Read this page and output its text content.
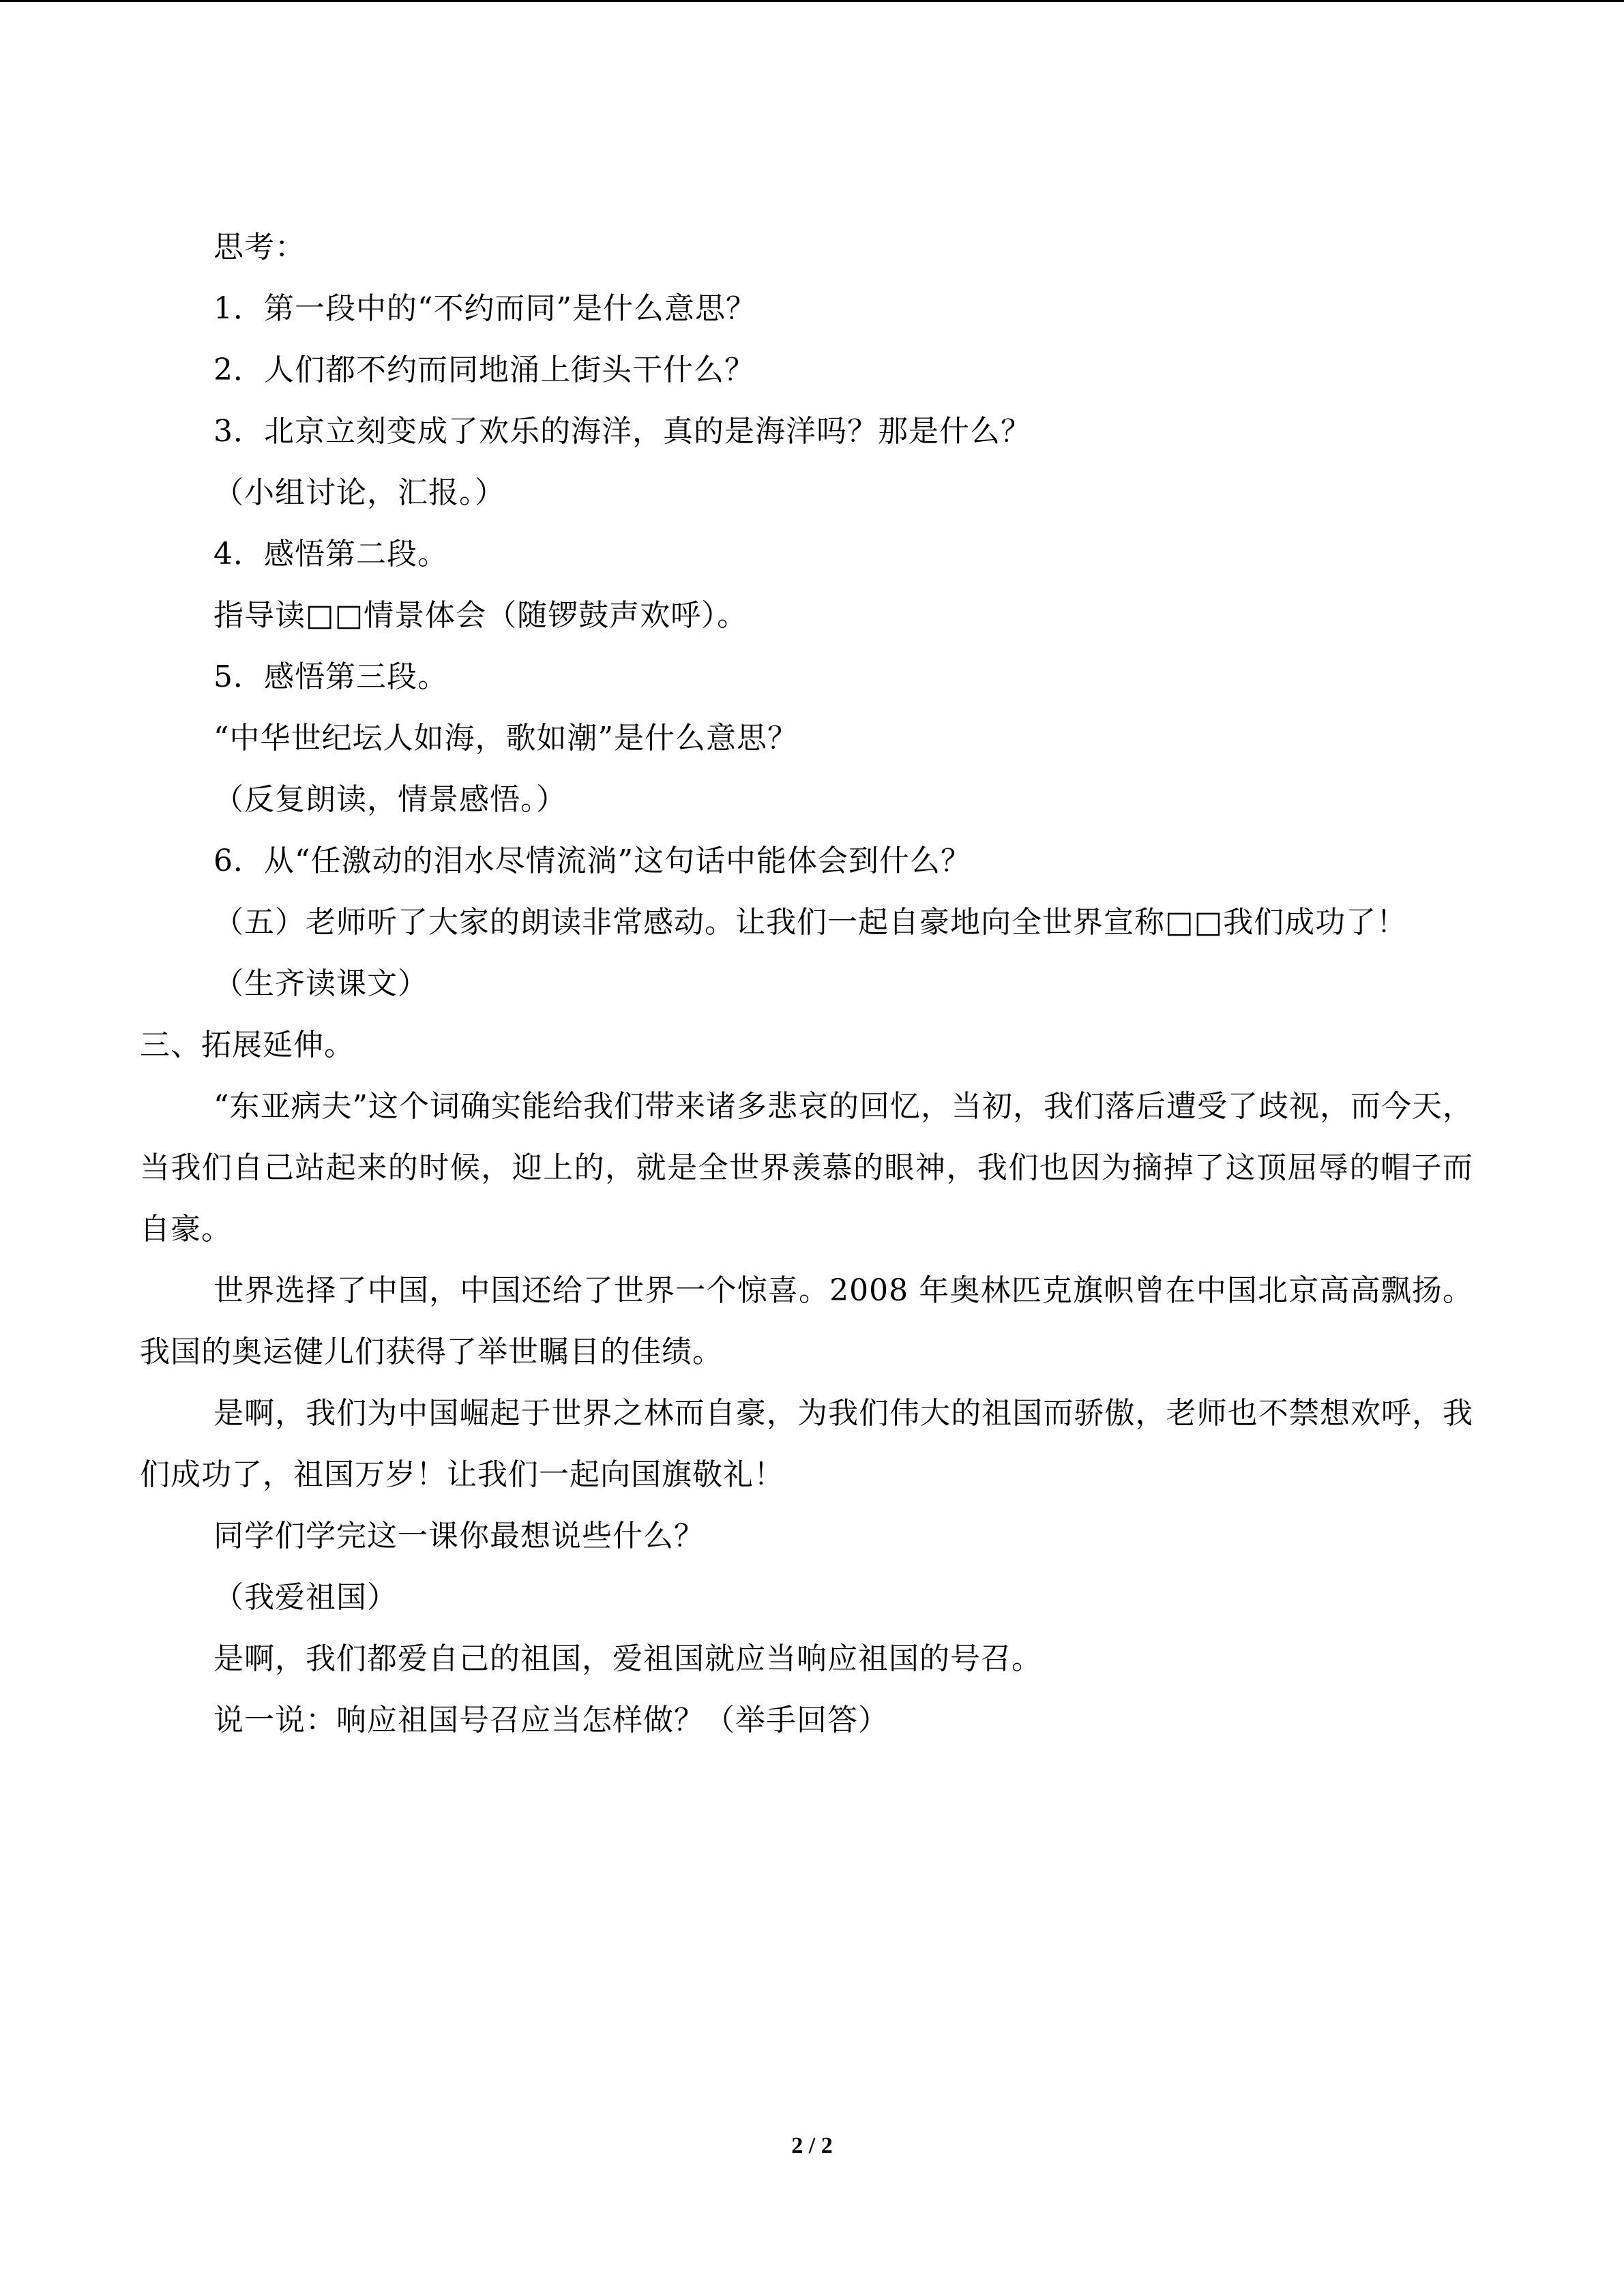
思考：
1．第一段中的“不约而同”是什么意思？
2．人们都不约而同地涌上街头干什么？
3．北京立刻变成了欢乐的海洋，真的是海洋吗？那是什么？
（小组讨论，汇报。）
4．感悟第二段。
指导读□□情景体会（随锣鼓声欢呼）。
5．感悟第三段。
“中华世纪坛人如海，歌如潮”是什么意思？
（反复朗读，情景感悟。）
6．从“任激动的泪水尽情流淌”这句话中能体会到什么？
（五）老师听了大家的朗读非常感动。让我们一起自豪地向全世界宣称□□我们成功了！
（生齐读课文）
三、拓展延伸。
“东亚病夫”这个词确实能给我们带来诸多悲哀的回忆，当初，我们落后遭受了歧视，而今天，当我们自己站起来的时候，迎上的，就是全世界羡慕的眼神，我们也因为摘掉了这顶屈辱的帽子而自豪。
世界选择了中国，中国还给了世界一个惊喜。2008 年奥林匹克旗帜曾在中国北京高高飘扬。我国的奥运健儿们获得了举世瞩目的佳绩。
是啊，我们为中国崛起于世界之林而自豪，为我们伟大的祖国而骄傲，老师也不禁想欢呼，我们成功了，祖国万岁！让我们一起向国旗敬礼！
同学们学完这一课你最想说些什么？
（我爱祖国）
是啊，我们都爱自己的祖国，爱祖国就应当响应祖国的号召。
说一说：响应祖国号召应当怎样做？（举手回答）
2 / 2
